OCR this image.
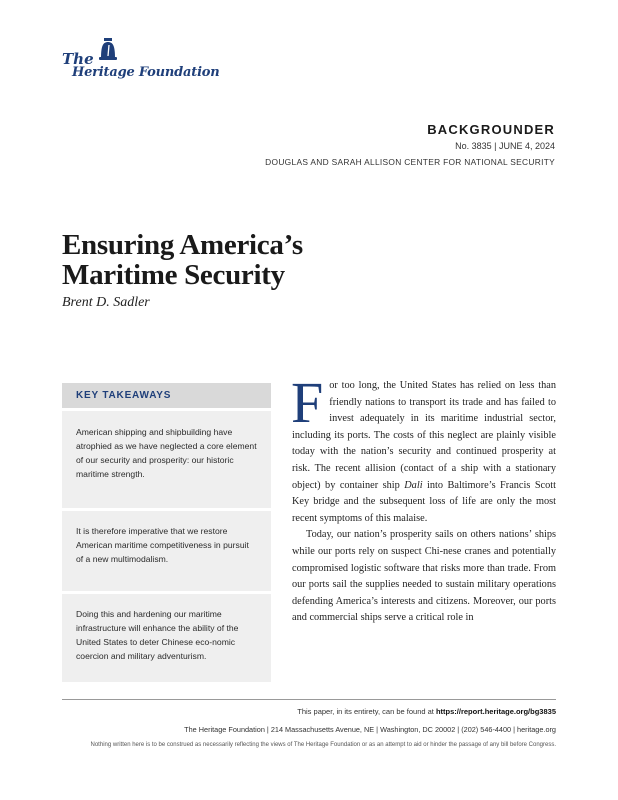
The
Heritage Foundation
BACKGROUNDER
No. 3835 | JUNE 4, 2024
DOUGLAS AND SARAH ALLISON CENTER FOR NATIONAL SECURITY
Ensuring America’s
Maritime Security
Brent D. Sadler
KEY TAKEAWAYS
American shipping and shipbuilding have atrophied as we have neglected a core element of our security and prosperity: our historic maritime strength.
It is therefore imperative that we restore American maritime competitiveness in pursuit of a new multimodalism.
Doing this and hardening our maritime infrastructure will enhance the ability of the United States to deter Chinese eco-nomic coercion and military adventurism.

For too long, the United States has relied on less than friendly nations to transport its trade and has failed to invest adequately in its maritime industrial sector, including its ports. The costs of this neglect are plainly visible today with the nation’s security and continued prosperity at risk. The recent allision (contact of a ship with a stationary object) by container ship Dali into Baltimore’s Francis Scott Key bridge and the subsequent loss of life are only the most recent symptoms of this malaise.

Today, our nation’s prosperity sails on others nations’ ships while our ports rely on suspect Chi-nese cranes and potentially compromised logistic software that risks more than trade. From our ports sail the supplies needed to sustain military operations defending America’s interests and citizens. Moreover, our ports and commercial ships serve a critical role in

This paper, in its entirety, can be found at https://report.heritage.org/bg3835
The Heritage Foundation | 214 Massachusetts Avenue, NE | Washington, DC 20002 | (202) 546-4400 | heritage.org
Nothing written here is to be construed as necessarily reflecting the views of The Heritage Foundation or as an attempt to aid or hinder the passage of any bill before Congress.
